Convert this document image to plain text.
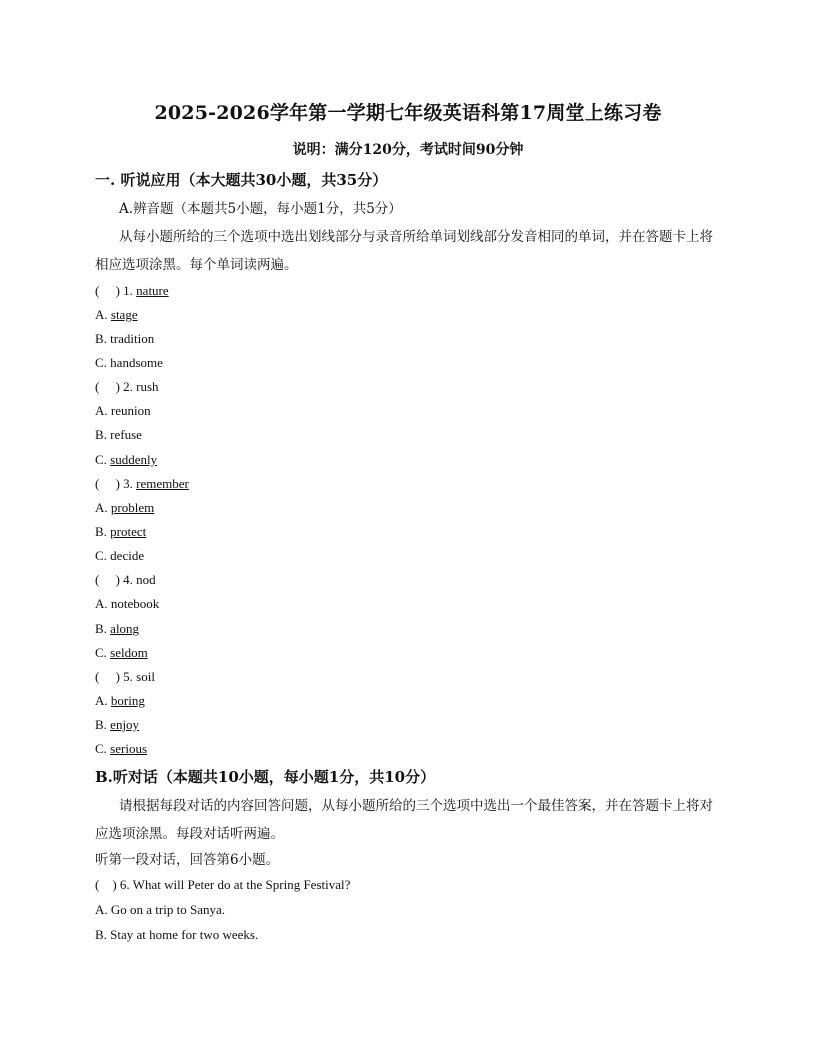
2025-2026学年第一学期七年级英语科第17周堂上练习卷
说明：满分120分，考试时间90分钟
一. 听说应用（本大题共30小题，共35分）
A.辨音题（本题共5小题，每小题1分，共5分）
从每小题所给的三个选项中选出划线部分与录音所给单词划线部分发音相同的单词，并在答题卡上将相应选项涂黑。每个单词读两遍。
(     ) 1. nature
A. stage
B. tradition
C. handsome
(     ) 2. rush
A. reunion
B. refuse
C. suddenly
(     ) 3. remember
A. problem
B. protect
C. decide
(     ) 4. nod
A. notebook
B. along
C. seldom
(     ) 5. soil
A. boring
B. enjoy
C. serious
B.听对话（本题共10小题，每小题1分，共10分）
请根据每段对话的内容回答问题，从每小题所给的三个选项中选出一个最佳答案，并在答题卡上将对应选项涂黑。每段对话听两遍。
听第一段对话，回答第6小题。
(    ) 6. What will Peter do at the Spring Festival?
A. Go on a trip to Sanya.
B. Stay at home for two weeks.
